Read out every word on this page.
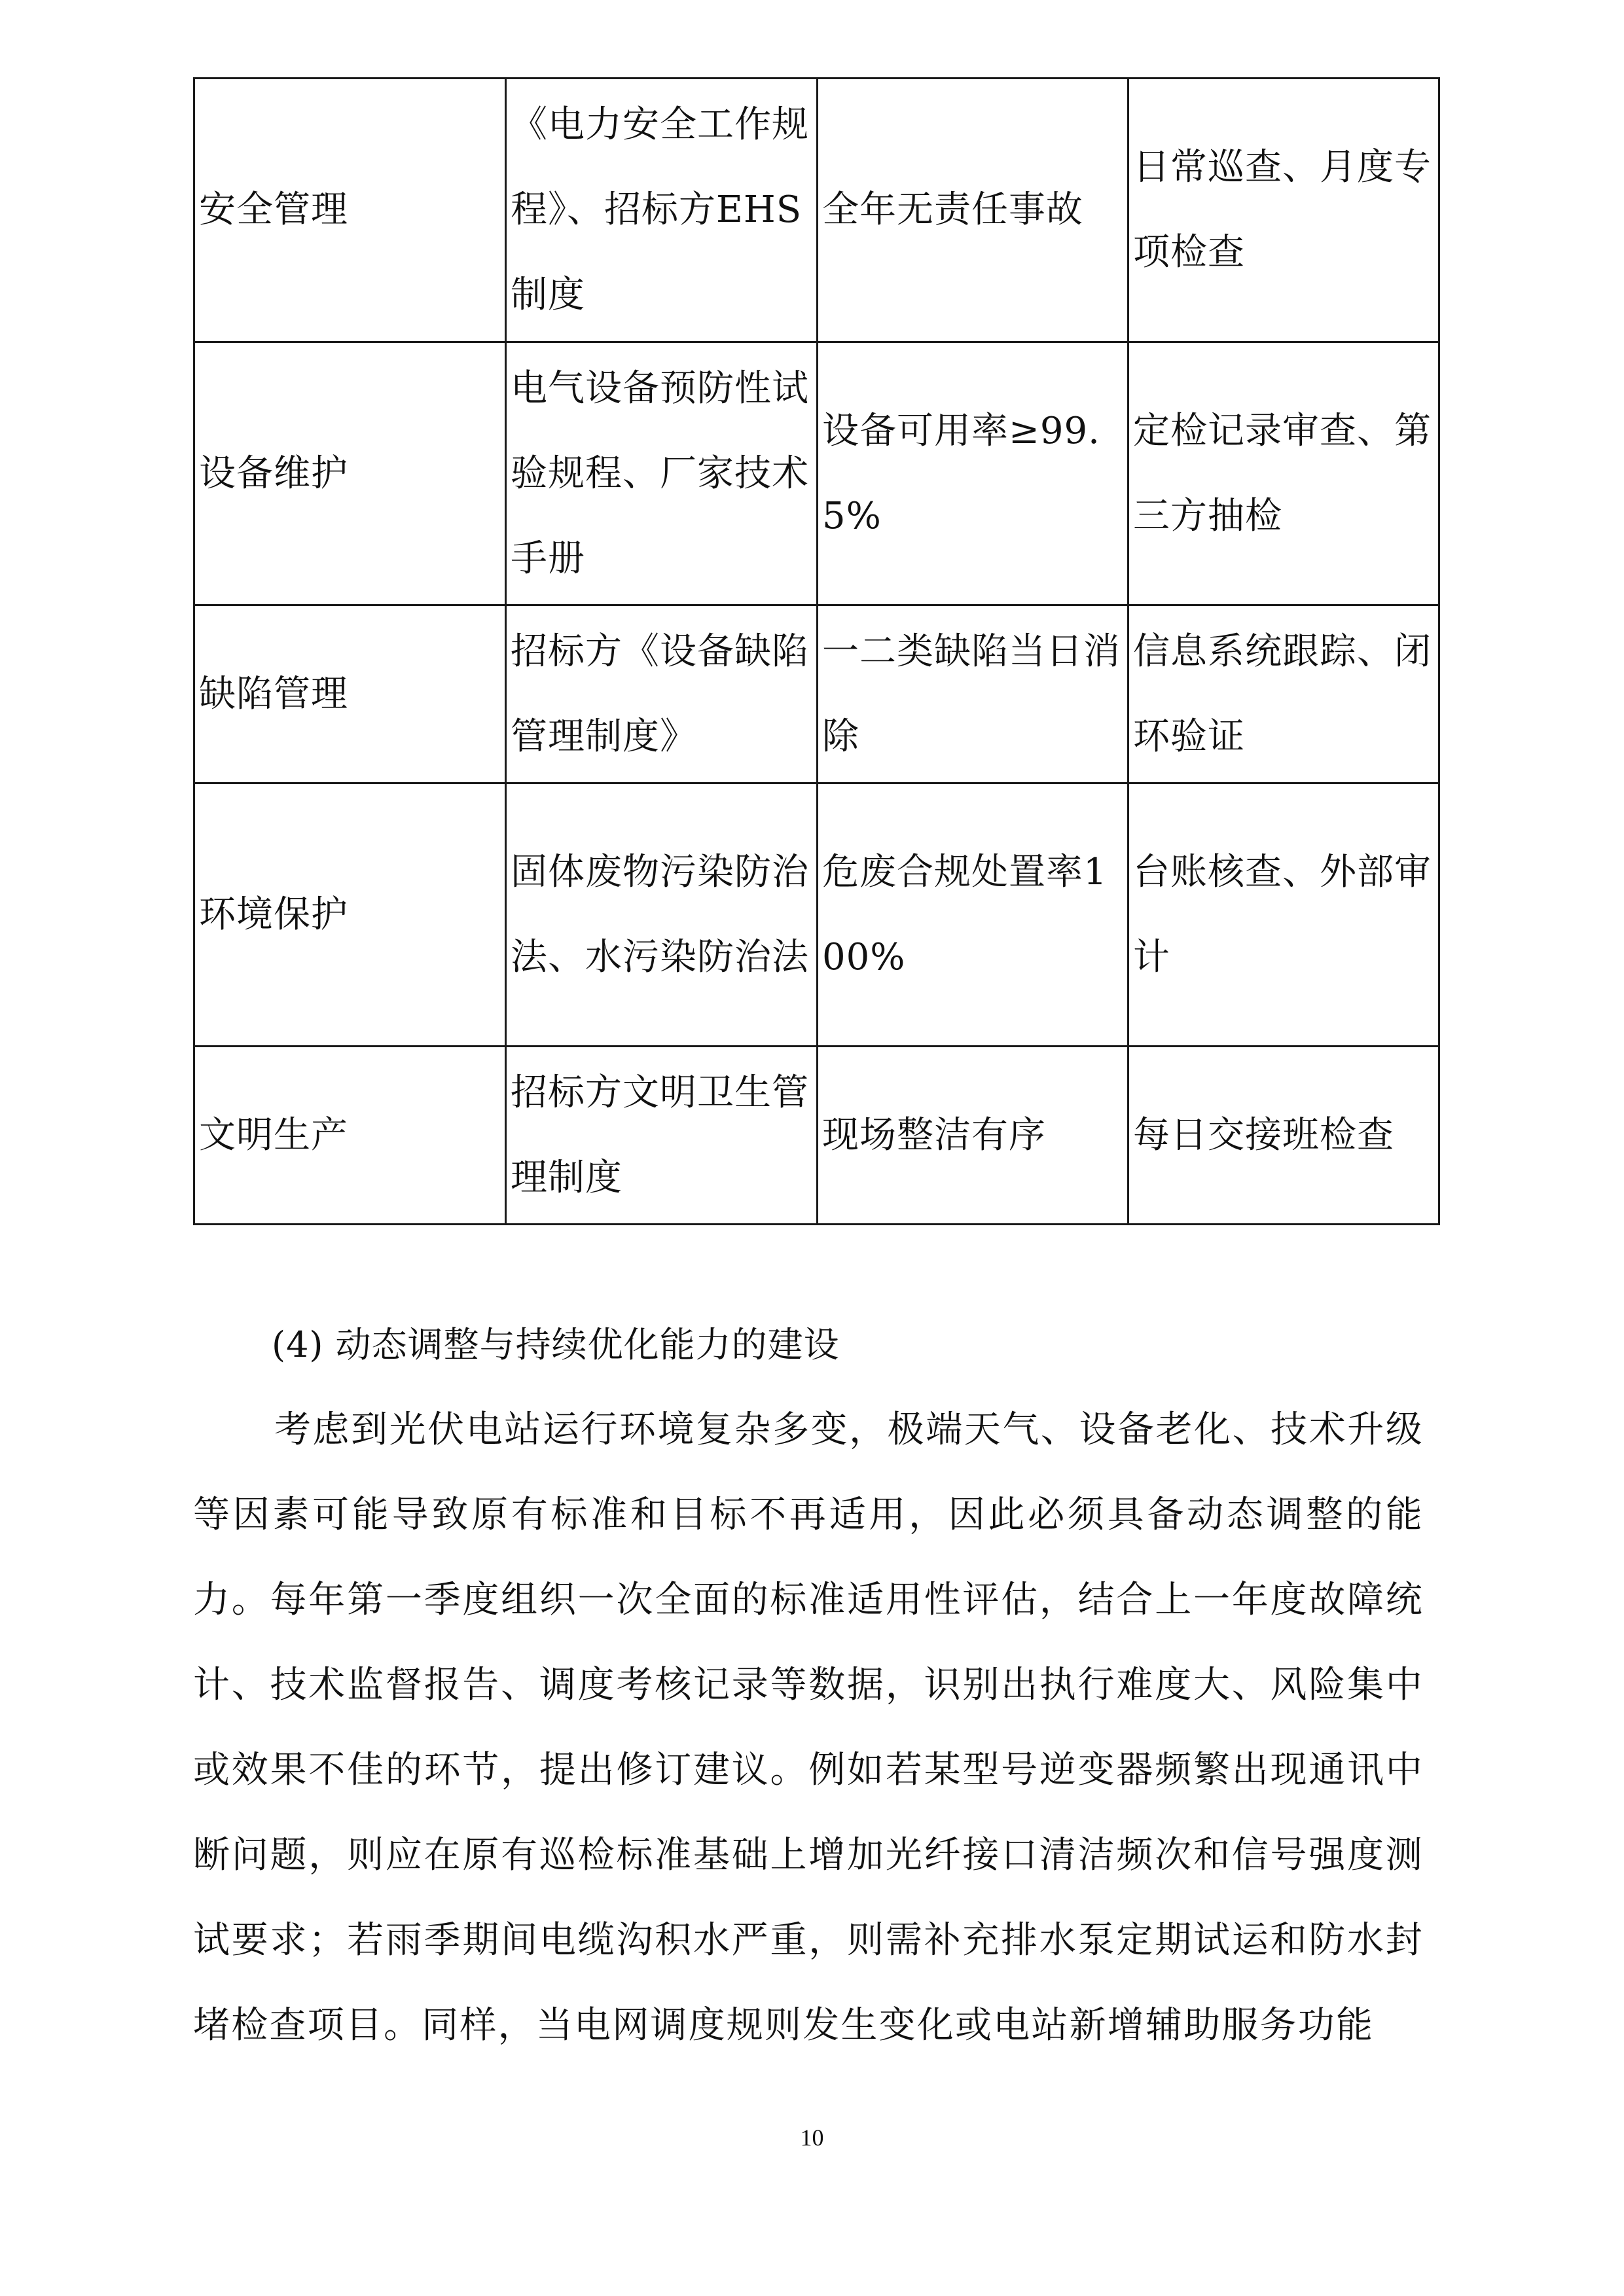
安全管理	《电力安全工作规程》、招标方EHS 制度	全年无责任事故	日常巡查、月度专项检查

设备维护	电气设备预防性试验规程、厂家技术手册	设备可用率≥99.5%	定检记录审查、第三方抽检

缺陷管理	招标方《设备缺陷管理制度》	一二类缺陷当日消除	信息系统跟踪、闭环验证

环境保护	固体废物污染防治法、水污染防治法	危废合规处置率100%	台账核查、外部审计

文明生产	招标方文明卫生管理制度	现场整洁有序	每日交接班检查
(4) 动态调整与持续优化能力的建设

考虑到光伏电站运行环境复杂多变，极端天气、设备老化、技术升级等因素可能导致原有标准和目标不再适用，因此必须具备动态调整的能力。每年第一季度组织一次全面的标准适用性评估，结合上一年度故障统计、技术监督报告、调度考核记录等数据，识别出执行难度大、风险集中或效果不佳的环节，提出修订建议。例如若某型号逆变器频繁出现通讯中断问题，则应在原有巡检标准基础上增加光纤接口清洁频次和信号强度测试要求；若雨季期间电缆沟积水严重，则需补充排水泵定期试运和防水封堵检查项目。同样，当电网调度规则发生变化或电站新增辅助服务功能

10
